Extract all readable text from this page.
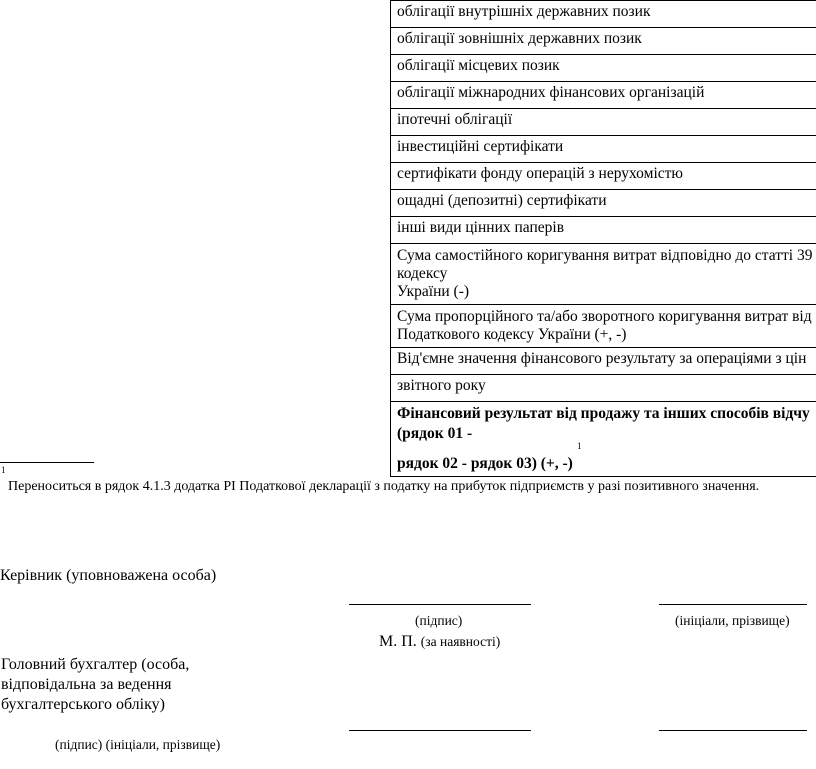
облігації внутрішніх державних позик
облігації зовнішніх державних позик
облігації місцевих позик
облігації міжнародних фінансових організацій
іпотечні облігації
інвестиційні сертифікати
сертифікати фонду операцій з нерухомістю
ощадні (депозитні) сертифікати
інші види цінних паперів

Сума самостійного коригування витрат відповідно до статті 39
кодексу
України (-)

Сума пропорційного та/або зворотного коригування витрат від
Податкового кодексу України (+, -)

Від'ємне значення фінансового результату за операціями з цін
звітного року

Фінансовий результат від продажу та інших способів відчу
(рядок 01 -
рядок 02 - рядок 03) (+, -)
1
1
Переноситься в рядок 4.1.3 додатка РІ Податкової декларації з податку на прибуток підприємств у разі позитивного значення.
Керівник (уповноважена особа)
(підпис)	(ініціали, прізвище)
М. П. (за наявності)
Головний бухгалтер (особа,
відповідальна за ведення
бухгалтерського обліку)
(підпис) (ініціали, прізвище)
